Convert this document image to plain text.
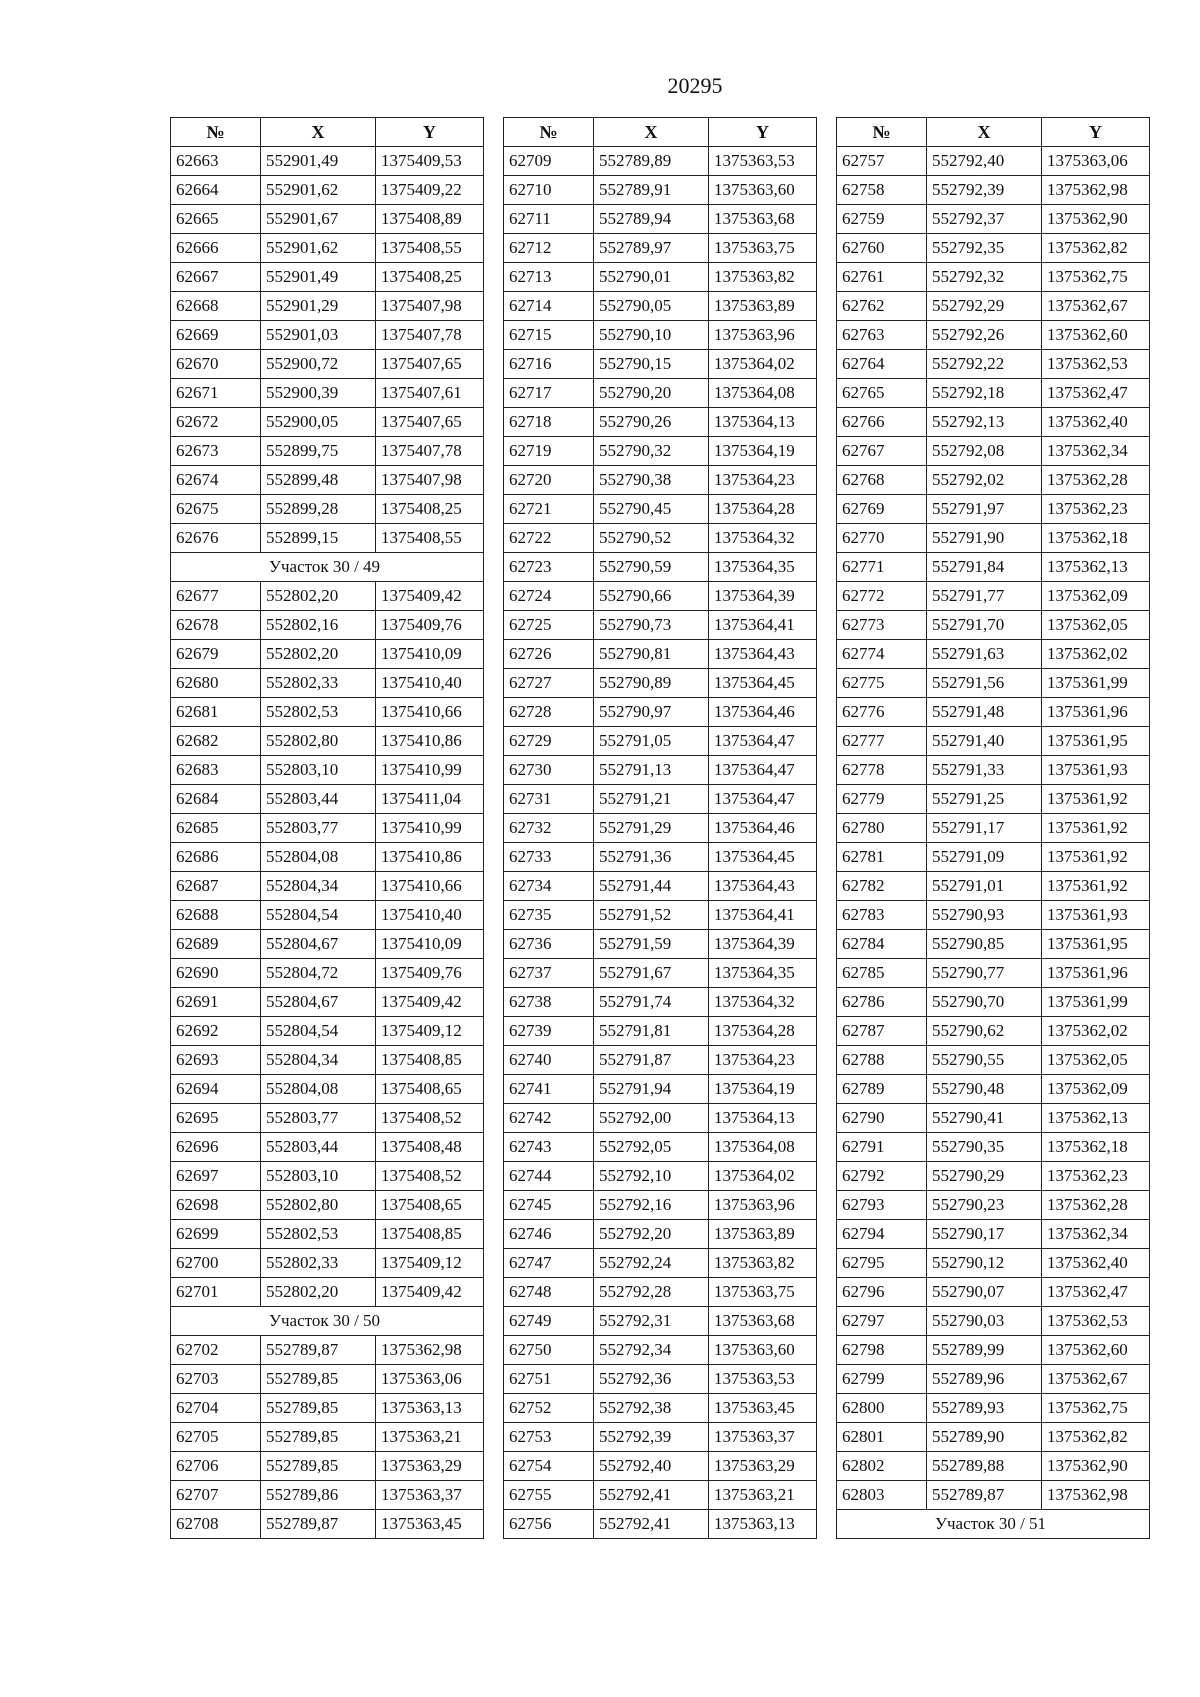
20295
№	X	Y
62663	552901,49	1375409,53
62664	552901,62	1375409,22
62665	552901,67	1375408,89
62666	552901,62	1375408,55
62667	552901,49	1375408,25
62668	552901,29	1375407,98
62669	552901,03	1375407,78
62670	552900,72	1375407,65
62671	552900,39	1375407,61
62672	552900,05	1375407,65
62673	552899,75	1375407,78
62674	552899,48	1375407,98
62675	552899,28	1375408,25
62676	552899,15	1375408,55
Участок 30 / 49		
62677	552802,20	1375409,42
62678	552802,16	1375409,76
62679	552802,20	1375410,09
62680	552802,33	1375410,40
62681	552802,53	1375410,66
62682	552802,80	1375410,86
62683	552803,10	1375410,99
62684	552803,44	1375411,04
62685	552803,77	1375410,99
62686	552804,08	1375410,86
62687	552804,34	1375410,66
62688	552804,54	1375410,40
62689	552804,67	1375410,09
62690	552804,72	1375409,76
62691	552804,67	1375409,42
62692	552804,54	1375409,12
62693	552804,34	1375408,85
62694	552804,08	1375408,65
62695	552803,77	1375408,52
62696	552803,44	1375408,48
62697	552803,10	1375408,52
62698	552802,80	1375408,65
62699	552802,53	1375408,85
62700	552802,33	1375409,12
62701	552802,20	1375409,42
Участок 30 / 50		
62702	552789,87	1375362,98
62703	552789,85	1375363,06
62704	552789,85	1375363,13
62705	552789,85	1375363,21
62706	552789,85	1375363,29
62707	552789,86	1375363,37
62708	552789,87	1375363,45
№	X	Y
62709	552789,89	1375363,53
62710	552789,91	1375363,60
62711	552789,94	1375363,68
62712	552789,97	1375363,75
62713	552790,01	1375363,82
62714	552790,05	1375363,89
62715	552790,10	1375363,96
62716	552790,15	1375364,02
62717	552790,20	1375364,08
62718	552790,26	1375364,13
62719	552790,32	1375364,19
62720	552790,38	1375364,23
62721	552790,45	1375364,28
62722	552790,52	1375364,32
62723	552790,59	1375364,35
62724	552790,66	1375364,39
62725	552790,73	1375364,41
62726	552790,81	1375364,43
62727	552790,89	1375364,45
62728	552790,97	1375364,46
62729	552791,05	1375364,47
62730	552791,13	1375364,47
62731	552791,21	1375364,47
62732	552791,29	1375364,46
62733	552791,36	1375364,45
62734	552791,44	1375364,43
62735	552791,52	1375364,41
62736	552791,59	1375364,39
62737	552791,67	1375364,35
62738	552791,74	1375364,32
62739	552791,81	1375364,28
62740	552791,87	1375364,23
62741	552791,94	1375364,19
62742	552792,00	1375364,13
62743	552792,05	1375364,08
62744	552792,10	1375364,02
62745	552792,16	1375363,96
62746	552792,20	1375363,89
62747	552792,24	1375363,82
62748	552792,28	1375363,75
62749	552792,31	1375363,68
62750	552792,34	1375363,60
62751	552792,36	1375363,53
62752	552792,38	1375363,45
62753	552792,39	1375363,37
62754	552792,40	1375363,29
62755	552792,41	1375363,21
62756	552792,41	1375363,13
№	X	Y
62757	552792,40	1375363,06
62758	552792,39	1375362,98
62759	552792,37	1375362,90
62760	552792,35	1375362,82
62761	552792,32	1375362,75
62762	552792,29	1375362,67
62763	552792,26	1375362,60
62764	552792,22	1375362,53
62765	552792,18	1375362,47
62766	552792,13	1375362,40
62767	552792,08	1375362,34
62768	552792,02	1375362,28
62769	552791,97	1375362,23
62770	552791,90	1375362,18
62771	552791,84	1375362,13
62772	552791,77	1375362,09
62773	552791,70	1375362,05
62774	552791,63	1375362,02
62775	552791,56	1375361,99
62776	552791,48	1375361,96
62777	552791,40	1375361,95
62778	552791,33	1375361,93
62779	552791,25	1375361,92
62780	552791,17	1375361,92
62781	552791,09	1375361,92
62782	552791,01	1375361,92
62783	552790,93	1375361,93
62784	552790,85	1375361,95
62785	552790,77	1375361,96
62786	552790,70	1375361,99
62787	552790,62	1375362,02
62788	552790,55	1375362,05
62789	552790,48	1375362,09
62790	552790,41	1375362,13
62791	552790,35	1375362,18
62792	552790,29	1375362,23
62793	552790,23	1375362,28
62794	552790,17	1375362,34
62795	552790,12	1375362,40
62796	552790,07	1375362,47
62797	552790,03	1375362,53
62798	552789,99	1375362,60
62799	552789,96	1375362,67
62800	552789,93	1375362,75
62801	552789,90	1375362,82
62802	552789,88	1375362,90
62803	552789,87	1375362,98
Участок 30 / 51		
